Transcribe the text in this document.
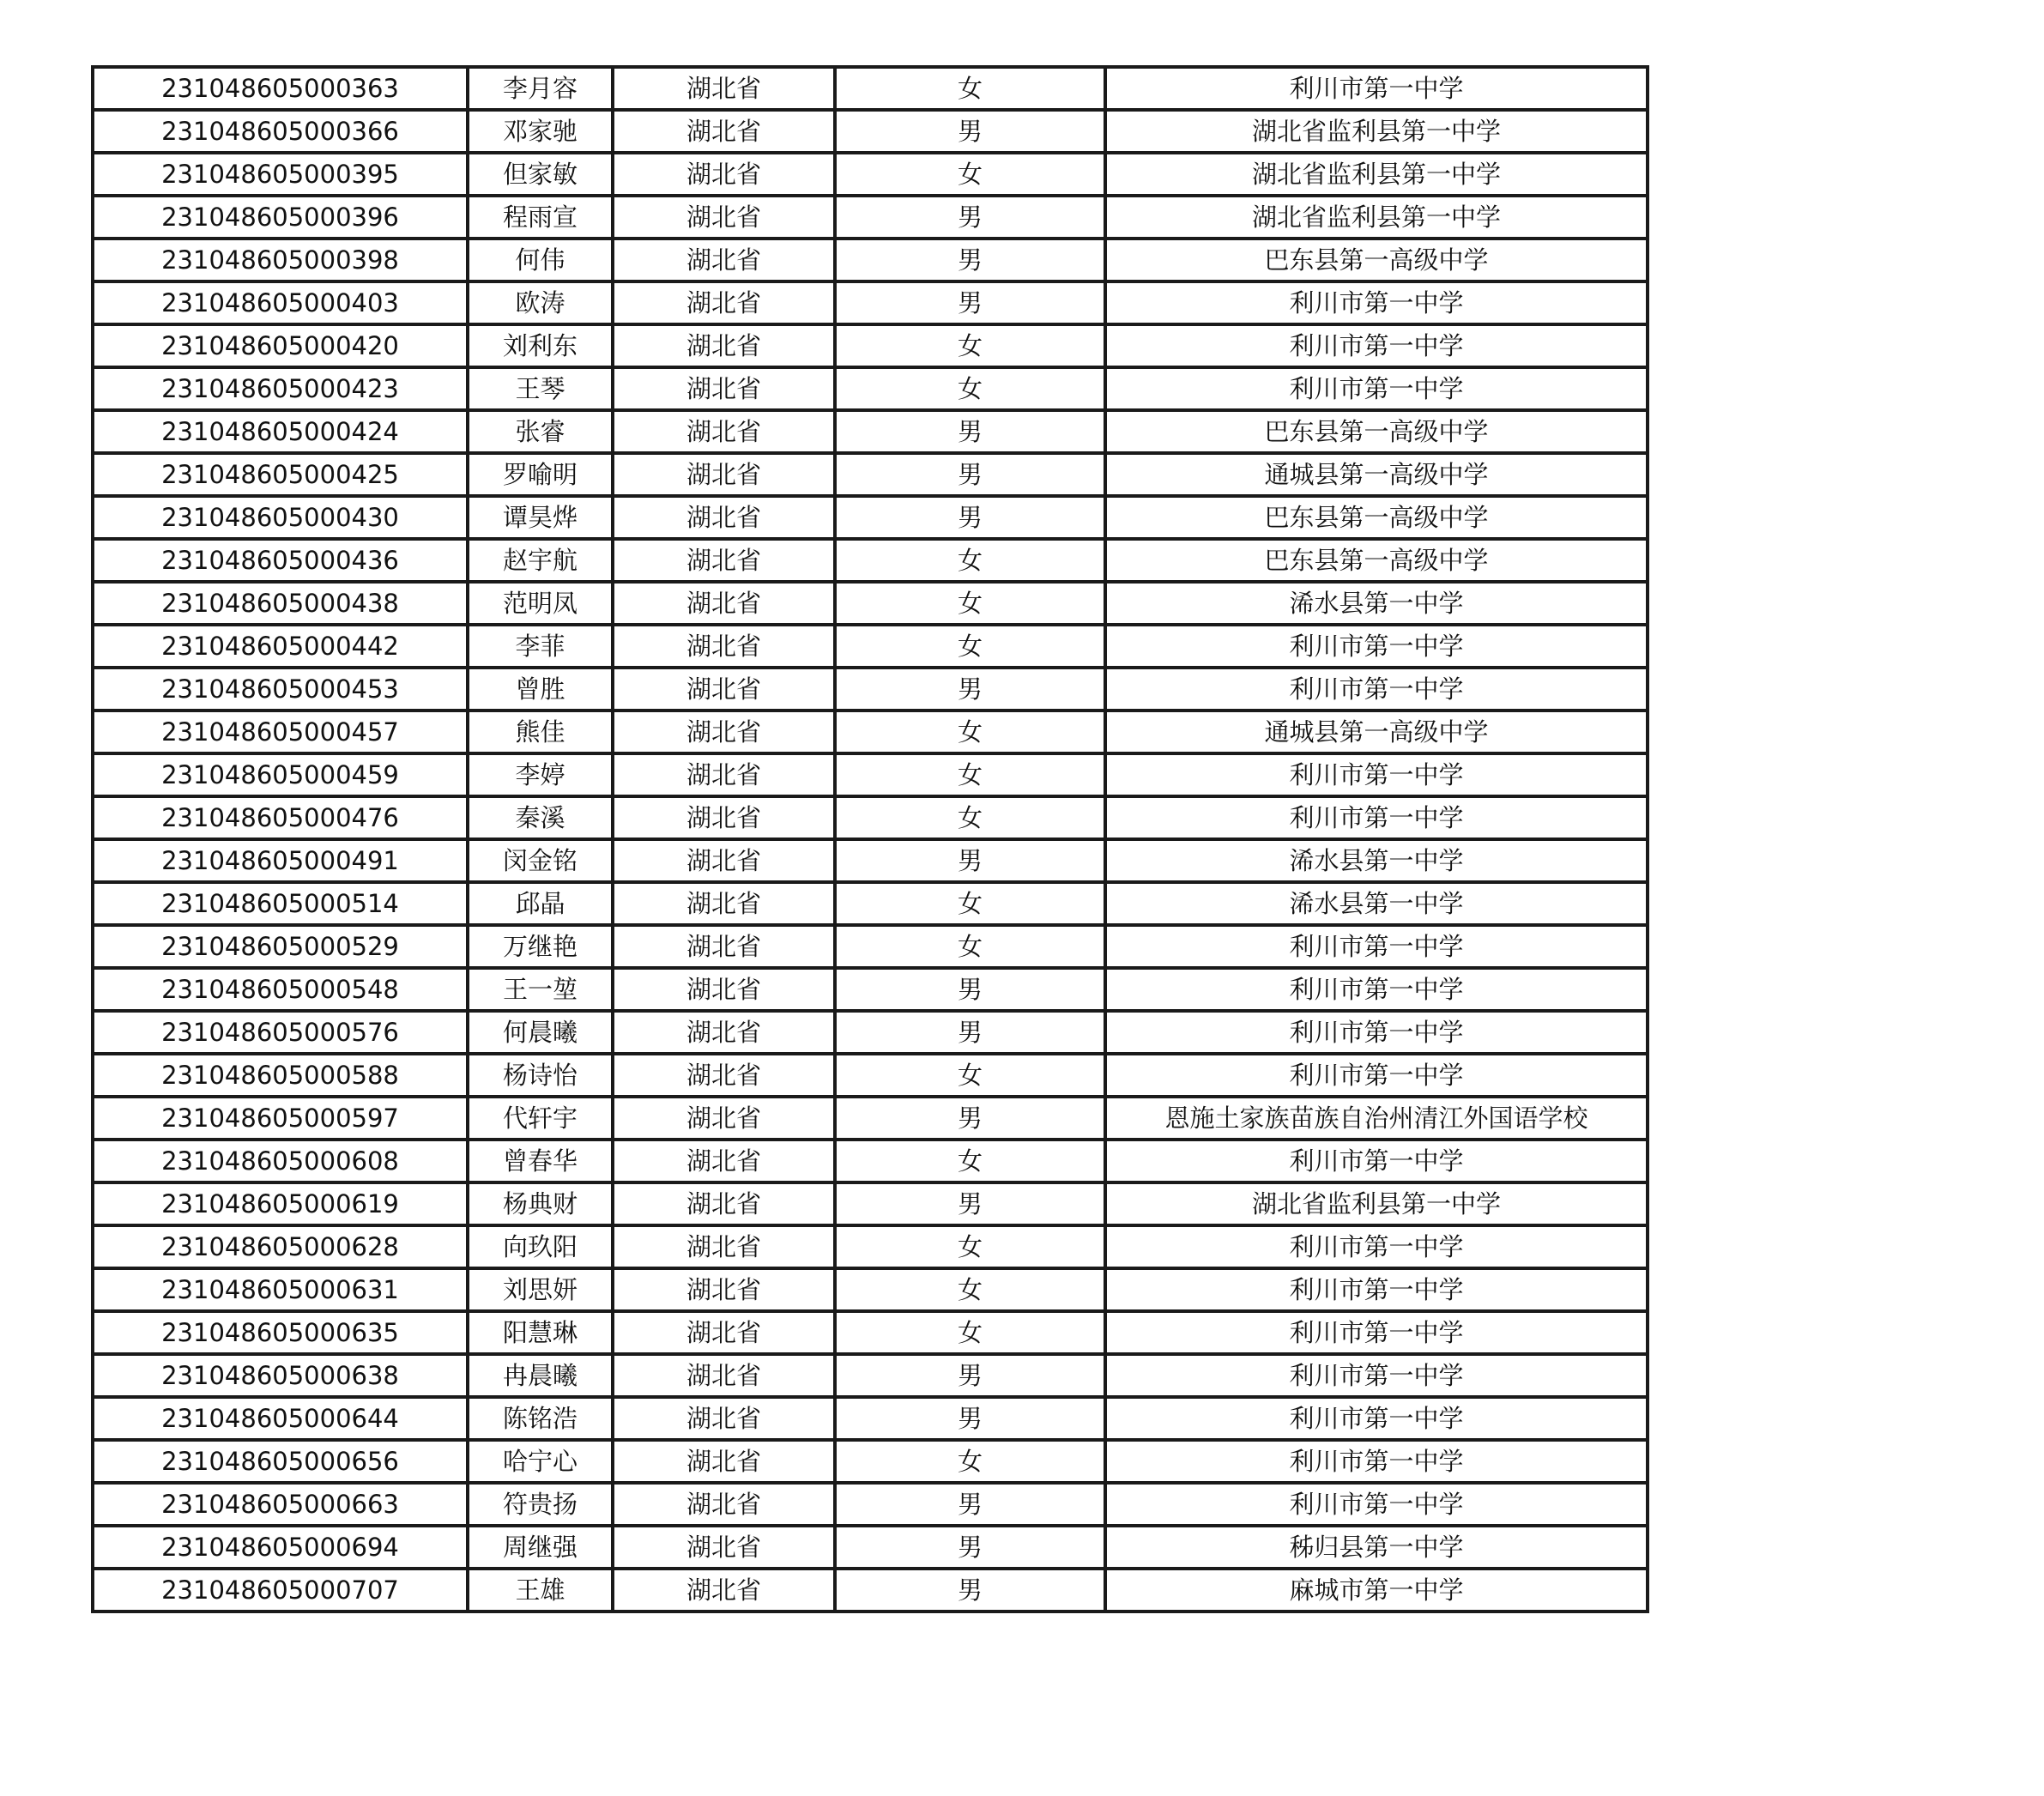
231048605000363	李月容	湖北省	女	利川市第一中学
231048605000366	邓家驰	湖北省	男	湖北省监利县第一中学
231048605000395	但家敏	湖北省	女	湖北省监利县第一中学
231048605000396	程雨宣	湖北省	男	湖北省监利县第一中学
231048605000398	何伟	湖北省	男	巴东县第一高级中学
231048605000403	欧涛	湖北省	男	利川市第一中学
231048605000420	刘利东	湖北省	女	利川市第一中学
231048605000423	王琴	湖北省	女	利川市第一中学
231048605000424	张睿	湖北省	男	巴东县第一高级中学
231048605000425	罗喻明	湖北省	男	通城县第一高级中学
231048605000430	谭昊烨	湖北省	男	巴东县第一高级中学
231048605000436	赵宇航	湖北省	女	巴东县第一高级中学
231048605000438	范明凤	湖北省	女	浠水县第一中学
231048605000442	李菲	湖北省	女	利川市第一中学
231048605000453	曾胜	湖北省	男	利川市第一中学
231048605000457	熊佳	湖北省	女	通城县第一高级中学
231048605000459	李婷	湖北省	女	利川市第一中学
231048605000476	秦溪	湖北省	女	利川市第一中学
231048605000491	闵金铭	湖北省	男	浠水县第一中学
231048605000514	邱晶	湖北省	女	浠水县第一中学
231048605000529	万继艳	湖北省	女	利川市第一中学
231048605000548	王一堃	湖北省	男	利川市第一中学
231048605000576	何晨曦	湖北省	男	利川市第一中学
231048605000588	杨诗怡	湖北省	女	利川市第一中学
231048605000597	代轩宇	湖北省	男	恩施土家族苗族自治州清江外国语学校
231048605000608	曾春华	湖北省	女	利川市第一中学
231048605000619	杨典财	湖北省	男	湖北省监利县第一中学
231048605000628	向玖阳	湖北省	女	利川市第一中学
231048605000631	刘思妍	湖北省	女	利川市第一中学
231048605000635	阳慧琳	湖北省	女	利川市第一中学
231048605000638	冉晨曦	湖北省	男	利川市第一中学
231048605000644	陈铭浩	湖北省	男	利川市第一中学
231048605000656	哈宁心	湖北省	女	利川市第一中学
231048605000663	符贵扬	湖北省	男	利川市第一中学
231048605000694	周继强	湖北省	男	秭归县第一中学
231048605000707	王雄	湖北省	男	麻城市第一中学
